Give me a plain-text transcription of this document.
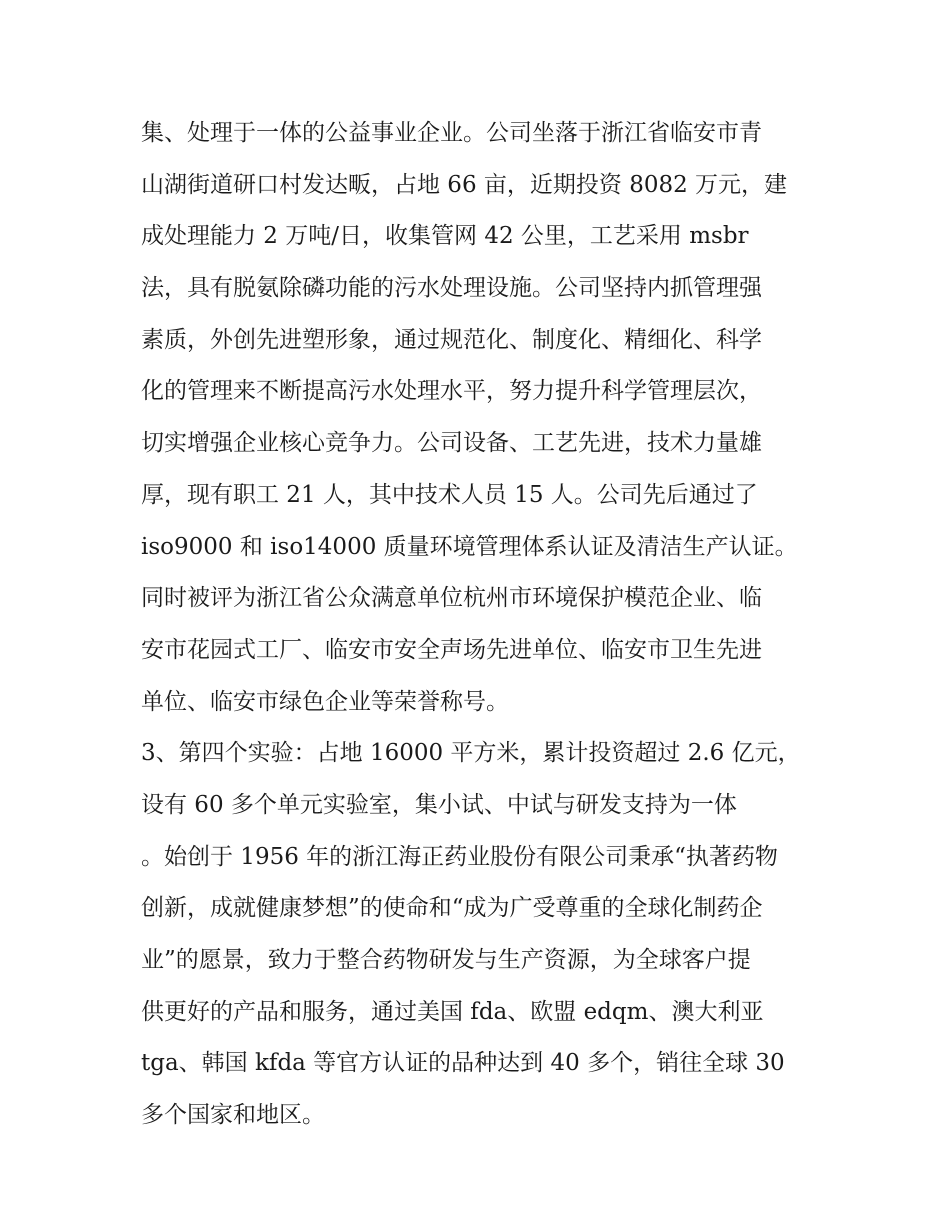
集、处理于一体的公益事业企业。公司坐落于浙江省临安市青
山湖街道研口村发达畈，占地 66 亩，近期投资 8082 万元，建
成处理能力 2 万吨/日，收集管网 42 公里，工艺采用 msbr
法，具有脱氨除磷功能的污水处理设施。公司坚持内抓管理强
素质，外创先进塑形象，通过规范化、制度化、精细化、科学
化的管理来不断提高污水处理水平，努力提升科学管理层次，
切实增强企业核心竞争力。公司设备、工艺先进，技术力量雄
厚，现有职工 21 人，其中技术人员 15 人。公司先后通过了
iso9000 和 iso14000 质量环境管理体系认证及清洁生产认证。
同时被评为浙江省公众满意单位杭州市环境保护模范企业、临
安市花园式工厂、临安市安全声场先进单位、临安市卫生先进
单位、临安市绿色企业等荣誉称号。
3、第四个实验：占地 16000 平方米，累计投资超过 2.6 亿元，
设有 60 多个单元实验室，集小试、中试与研发支持为一体
。始创于 1956 年的浙江海正药业股份有限公司秉承“执著药物
创新，成就健康梦想”的使命和“成为广受尊重的全球化制药企
业”的愿景，致力于整合药物研发与生产资源，为全球客户提
供更好的产品和服务，通过美国 fda、欧盟 edqm、澳大利亚
tga、韩国 kfda 等官方认证的品种达到 40 多个，销往全球 30
多个国家和地区。
